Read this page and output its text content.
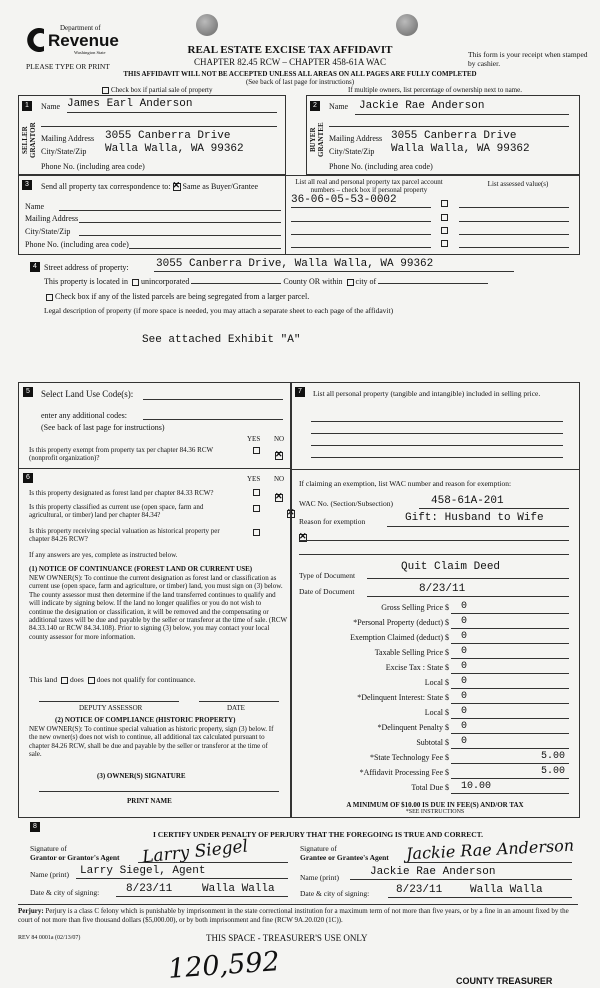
Department of
Revenue
Washington State
PLEASE TYPE OR PRINT
REAL ESTATE EXCISE TAX AFFIDAVIT
CHAPTER 82.45 RCW – CHAPTER 458-61A WAC
This form is your receipt when stamped by cashier.
THIS AFFIDAVIT WILL NOT BE ACCEPTED UNLESS ALL AREAS ON ALL PAGES ARE FULLY COMPLETED
(See back of last page for instructions)
Check box if partial sale of property	If multiple owners, list percentage of ownership next to name.
1
SELLER GRANTOR
Name James Earl Anderson
Mailing Address 3055 Canberra Drive
City/State/Zip Walla Walla, WA 99362
Phone No. (including area code)
2
BUYER GRANTEE
Name Jackie Rae Anderson
Mailing Address 3055 Canberra Drive
City/State/Zip Walla Walla, WA 99362
Phone No. (including area code)
3	Send all property tax correspondence to: ✕ Same as Buyer/Grantee
Name
Mailing Address
City/State/Zip
Phone No. (including area code)
List all real and personal property tax parcel account numbers – check box if personal property
List assessed value(s)
36-06-05-53-0002
4 Street address of property: 3055 Canberra Drive, Walla Walla, WA 99362
This property is located in unincorporated	County OR within city of
Check box if any of the listed parcels are being segregated from a larger parcel.
Legal description of property (if more space is needed, you may attach a separate sheet to each page of the affidavit)
See attached Exhibit "A"
5	Select Land Use Code(s):
enter any additional codes:
(See back of last page for instructions)
YES NO
Is this property exempt from property tax per chapter 84.36 RCW (nonprofit organization)?
✕
6	YES NO
Is this property designated as forest land per chapter 84.33 RCW?
✕
Is this property classified as current use (open space, farm and agricultural, or timber) land per chapter 84.34?
✕
Is this property receiving special valuation as historical property per chapter 84.26 RCW?
✕
If any answers are yes, complete as instructed below.
(1) NOTICE OF CONTINUANCE (FOREST LAND OR CURRENT USE)
NEW OWNER(S): To continue the current designation as forest land or classification as current use (open space, farm and agriculture, or timber) land, you must sign on (3) below. The county assessor must then determine if the land transferred continues to qualify and will indicate by signing below. If the land no longer qualifies or you do not wish to continue the designation or classification, it will be removed and the compensating or additional taxes will be due and payable by the seller or transferor at the time of sale. (RCW 84.33.140 or RCW 84.34.108). Prior to signing (3) below, you may contact your local county assessor for more information.
This land does does not qualify for continuance.
DEPUTY ASSESSOR	DATE
(2) NOTICE OF COMPLIANCE (HISTORIC PROPERTY)
NEW OWNER(S): To continue special valuation as historic property, sign (3) below. If the new owner(s) does not wish to continue, all additional tax calculated pursuant to chapter 84.26 RCW, shall be due and payable by the seller or transferor at the time of sale.
(3) OWNER(S) SIGNATURE
PRINT NAME
7	List all personal property (tangible and intangible) included in selling price.
If claiming an exemption, list WAC number and reason for exemption:
WAC No. (Section/Subsection)	458-61A-201
Reason for exemption	Gift: Husband to Wife
Type of Document
Quit Claim Deed
Date of Document	8/23/11
Gross Selling Price $ 0
*Personal Property (deduct) $ 0
Exemption Claimed (deduct) $ 0
Taxable Selling Price $ 0
Excise Tax : State $ 0
Local $ 0
*Delinquent Interest: State $ 0
Local $ 0
*Delinquent Penalty $ 0
Subtotal $ 0
*State Technology Fee $	5.00
*Affidavit Processing Fee $	5.00
Total Due $ 10.00
A MINIMUM OF $10.00 IS DUE IN FEE(S) AND/OR TAX
*SEE INSTRUCTIONS
8
I CERTIFY UNDER PENALTY OF PERJURY THAT THE FOREGOING IS TRUE AND CORRECT.
Signature of
Grantor or Grantor's Agent Larry Siegel
Name (print) Larry Siegel, Agent
Date & city of signing: 8/23/11	Walla Walla
Signature of
Grantee or Grantee's Agent Jackie Rae Anderson
Name (print)	Jackie Rae Anderson
Date & city of signing: 8/23/11	Walla Walla
Perjury: Perjury is a class C felony which is punishable by imprisonment in the state correctional institution for a maximum term of not more than five years, or by a fine in an amount fixed by the court of not more than five thousand dollars ($5,000.00), or by both imprisonment and fine (RCW 9A.20.020 (1C)).
REV 84 0001a (02/13/07)	THIS SPACE - TREASURER'S USE ONLY
120,592	COUNTY TREASURER
